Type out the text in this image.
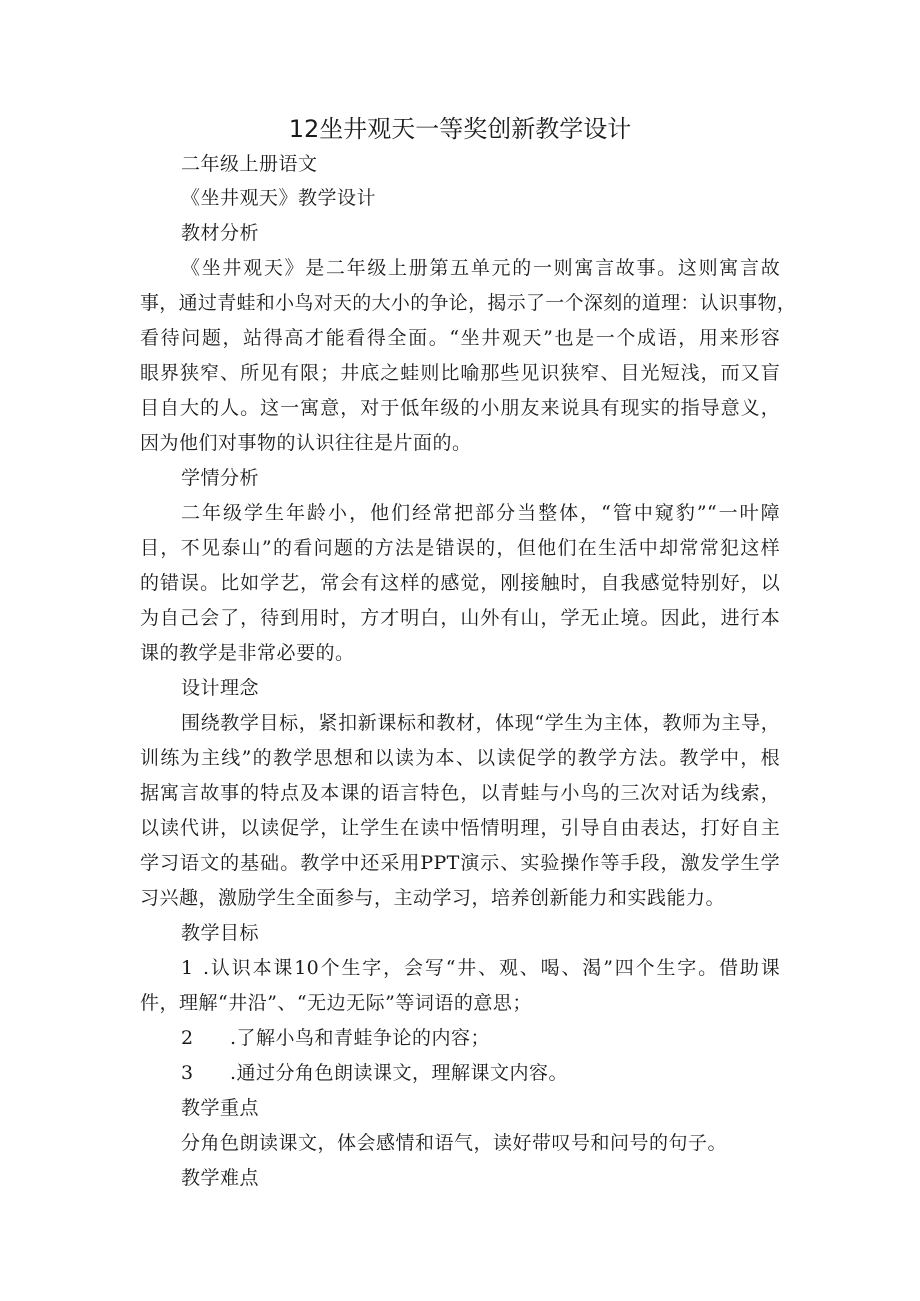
12坐井观天一等奖创新教学设计
二年级上册语文
《坐井观天》教学设计
教材分析
《坐井观天》是二年级上册第五单元的一则寓言故事。这则寓言故
事，通过青蛙和小鸟对天的大小的争论，揭示了一个深刻的道理：认识事物，
看待问题，站得高才能看得全面。“坐井观天”也是一个成语，用来形容
眼界狭窄、所见有限；井底之蛙则比喻那些见识狭窄、目光短浅，而又盲
目自大的人。这一寓意，对于低年级的小朋友来说具有现实的指导意义，
因为他们对事物的认识往往是片面的。
学情分析
二年级学生年龄小，他们经常把部分当整体，“管中窥豹”“一叶障
目，不见泰山”的看问题的方法是错误的，但他们在生活中却常常犯这样
的错误。比如学艺，常会有这样的感觉，刚接触时，自我感觉特别好，以
为自己会了，待到用时，方才明白，山外有山，学无止境。因此，进行本
课的教学是非常必要的。
设计理念
围绕教学目标，紧扣新课标和教材，体现“学生为主体，教师为主导，
训练为主线”的教学思想和以读为本、以读促学的教学方法。教学中，根
据寓言故事的特点及本课的语言特色，以青蛙与小鸟的三次对话为线索，
以读代讲，以读促学，让学生在读中悟情明理，引导自由表达，打好自主
学习语文的基础。教学中还采用PPT演示、实验操作等手段，激发学生学
习兴趣，激励学生全面参与，主动学习，培养创新能力和实践能力。
教学目标
1 .认识本课10个生字，会写“井、观、喝、渴”四个生字。借助课
件，理解“井沿”、“无边无际”等词语的意思；
2 .了解小鸟和青蛙争论的内容；
3 .通过分角色朗读课文，理解课文内容。
教学重点
分角色朗读课文，体会感情和语气，读好带叹号和问号的句子。
教学难点
